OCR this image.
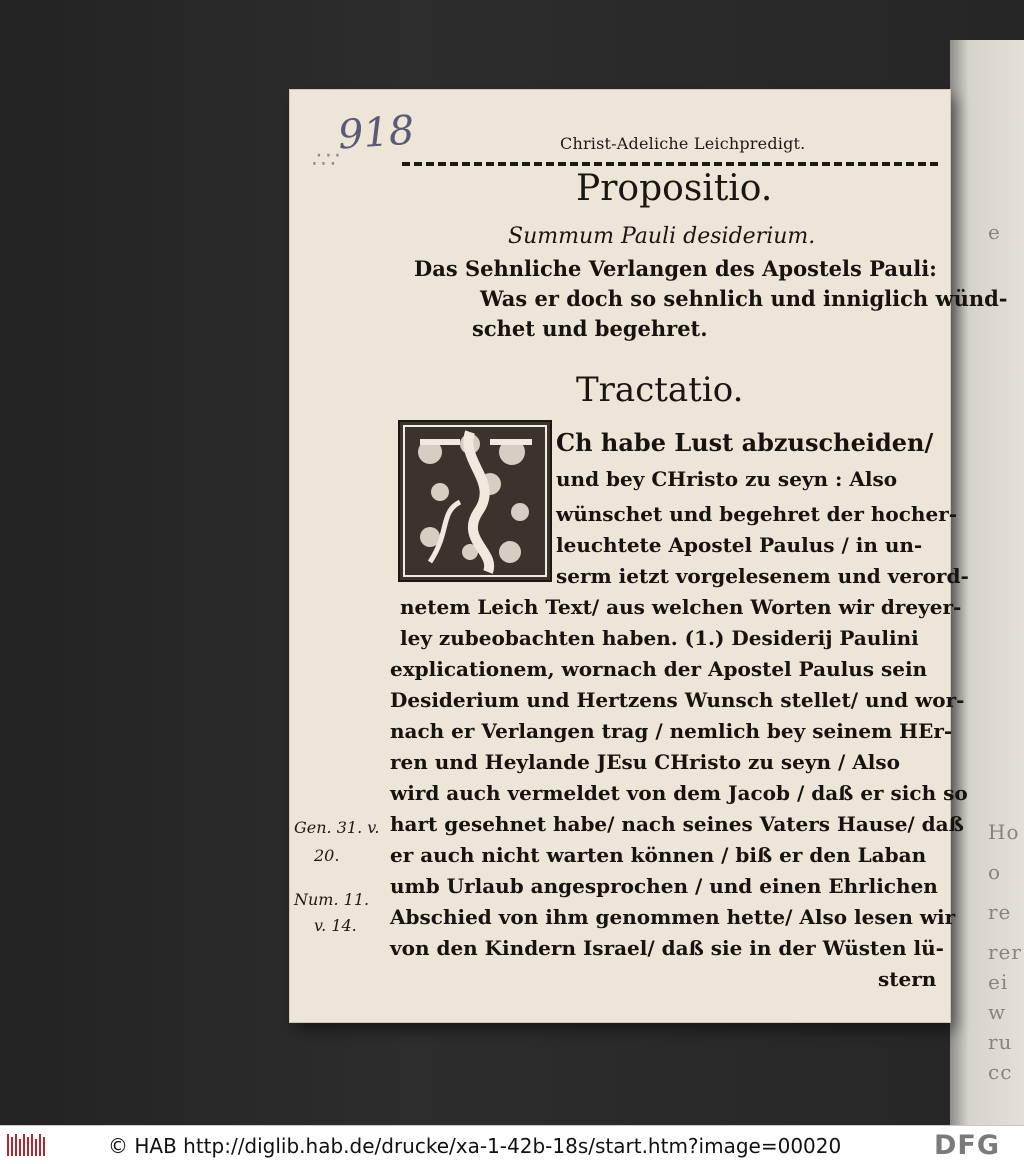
e
Ho
o
re
rer
ei
w
ru
cc
918
∴∵
Christ-Adeliche Leichpredigt.
Propositio.
Summum Pauli desiderium.
Das Sehnliche Verlangen des Apostels Pauli:
Was er doch so sehnlich und inniglich wünd-
schet und begehret.
Tractatio.
Ch habe Lust abzuscheiden/
und bey CHristo zu seyn : Also
wünschet und begehret der hocher-
leuchtete Apostel Paulus / in un-
serm ietzt vorgelesenem und verord-
netem Leich Text/ aus welchen Worten wir dreyer-
ley zubeobachten haben. (1.) Desiderij Paulini
explicationem, wornach der Apostel Paulus sein
Desiderium und Hertzens Wunsch stellet/ und wor-
nach er Verlangen trag / nemlich bey seinem HEr-
ren und Heylande JEsu CHristo zu seyn / Also
wird auch vermeldet von dem Jacob / daß er sich so
hart gesehnet habe/ nach seines Vaters Hause/ daß
er auch nicht warten können / biß er den Laban
umb Urlaub angesprochen / und einen Ehrlichen
Abschied von ihm genommen hette/ Also lesen wir
von den Kindern Israel/ daß sie in der Wüsten lü-
stern
Gen. 31. v.
20.
Num. 11.
v. 14.
© HAB http://diglib.hab.de/drucke/xa-1-42b-18s/start.htm?image=00020	DFG
